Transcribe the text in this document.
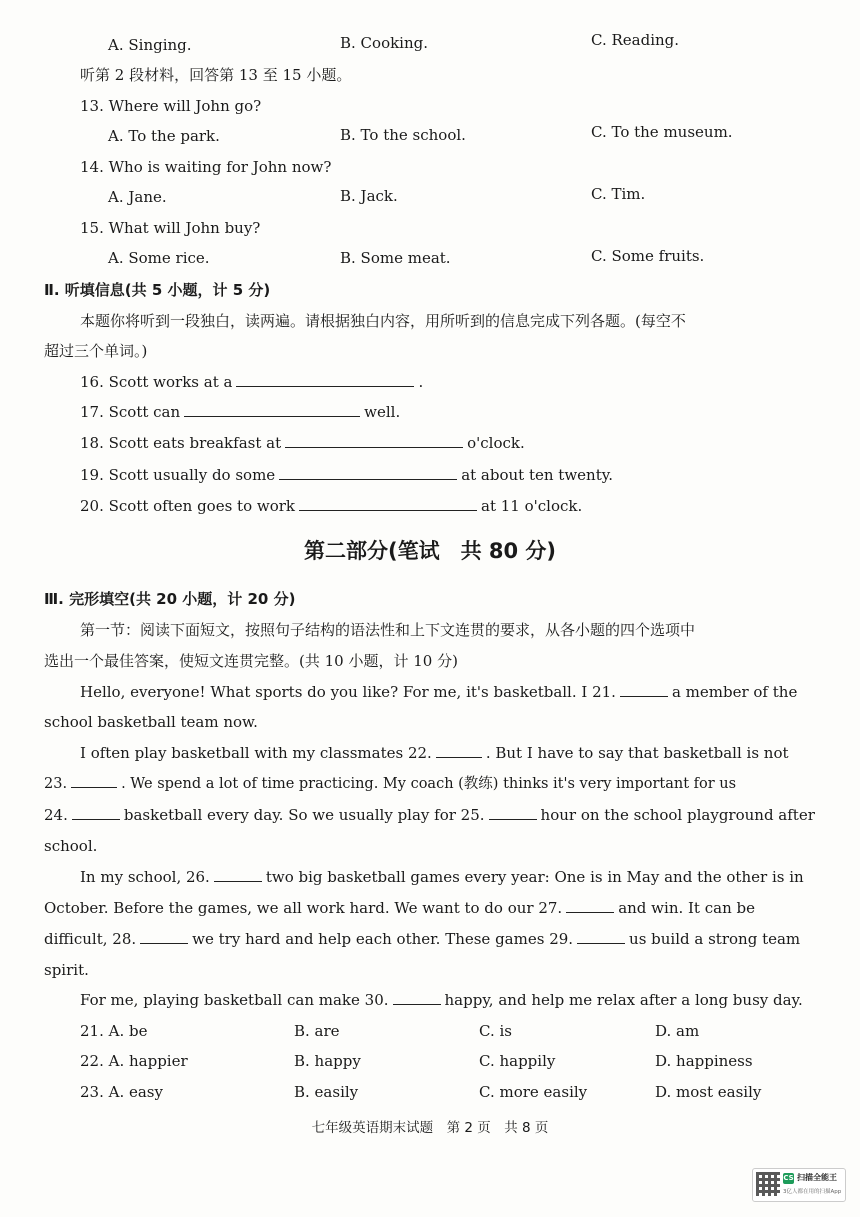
A. Singing.	B. Cooking.	C. Reading.
听第 2 段材料，回答第 13 至 15 小题。
13. Where will John go?
A. To the park.	B. To the school.	C. To the museum.
14. Who is waiting for John now?
A. Jane.	B. Jack.	C. Tim.
15. What will John buy?
A. Some rice.	B. Some meat.	C. Some fruits.
Ⅱ. 听填信息(共 5 小题，计 5 分)
本题你将听到一段独白，读两遍。请根据独白内容，用所听到的信息完成下列各题。(每空不
超过三个单词。)
16. Scott works at a	.
17. Scott can	well.
18. Scott eats breakfast at	o'clock.
19. Scott usually do some	at about ten twenty.
20. Scott often goes to work	at 11 o'clock.
第二部分(笔试　共 80 分)
Ⅲ. 完形填空(共 20 小题，计 20 分)
第一节：阅读下面短文，按照句子结构的语法性和上下文连贯的要求，从各小题的四个选项中
选出一个最佳答案，使短文连贯完整。(共 10 小题，计 10 分)
Hello, everyone! What sports do you like? For me, it's basketball. I 21.	a member of the
school basketball team now.
I often play basketball with my classmates 22.	. But I have to say that basketball is not
23.	. We spend a lot of time practicing. My coach (教练) thinks it's very important for us
24.	basketball every day. So we usually play for 25.	hour on the school playground after
school.
In my school, 26.	two big basketball games every year: One is in May and the other is in
October. Before the games, we all work hard. We want to do our 27.	and win. It can be
difficult, 28.	we try hard and help each other. These games 29.	us build a strong team
spirit.
For me, playing basketball can make 30.	happy, and help me relax after a long busy day.
21. A. be	B. are	C. is	D. am
22. A. happier	B. happy	C. happily	D. happiness
23. A. easy	B. easily	C. more easily	D. most easily
七年级英语期末试题　第 2 页　共 8 页
CS 扫描全能王
3亿人都在用的扫描App
